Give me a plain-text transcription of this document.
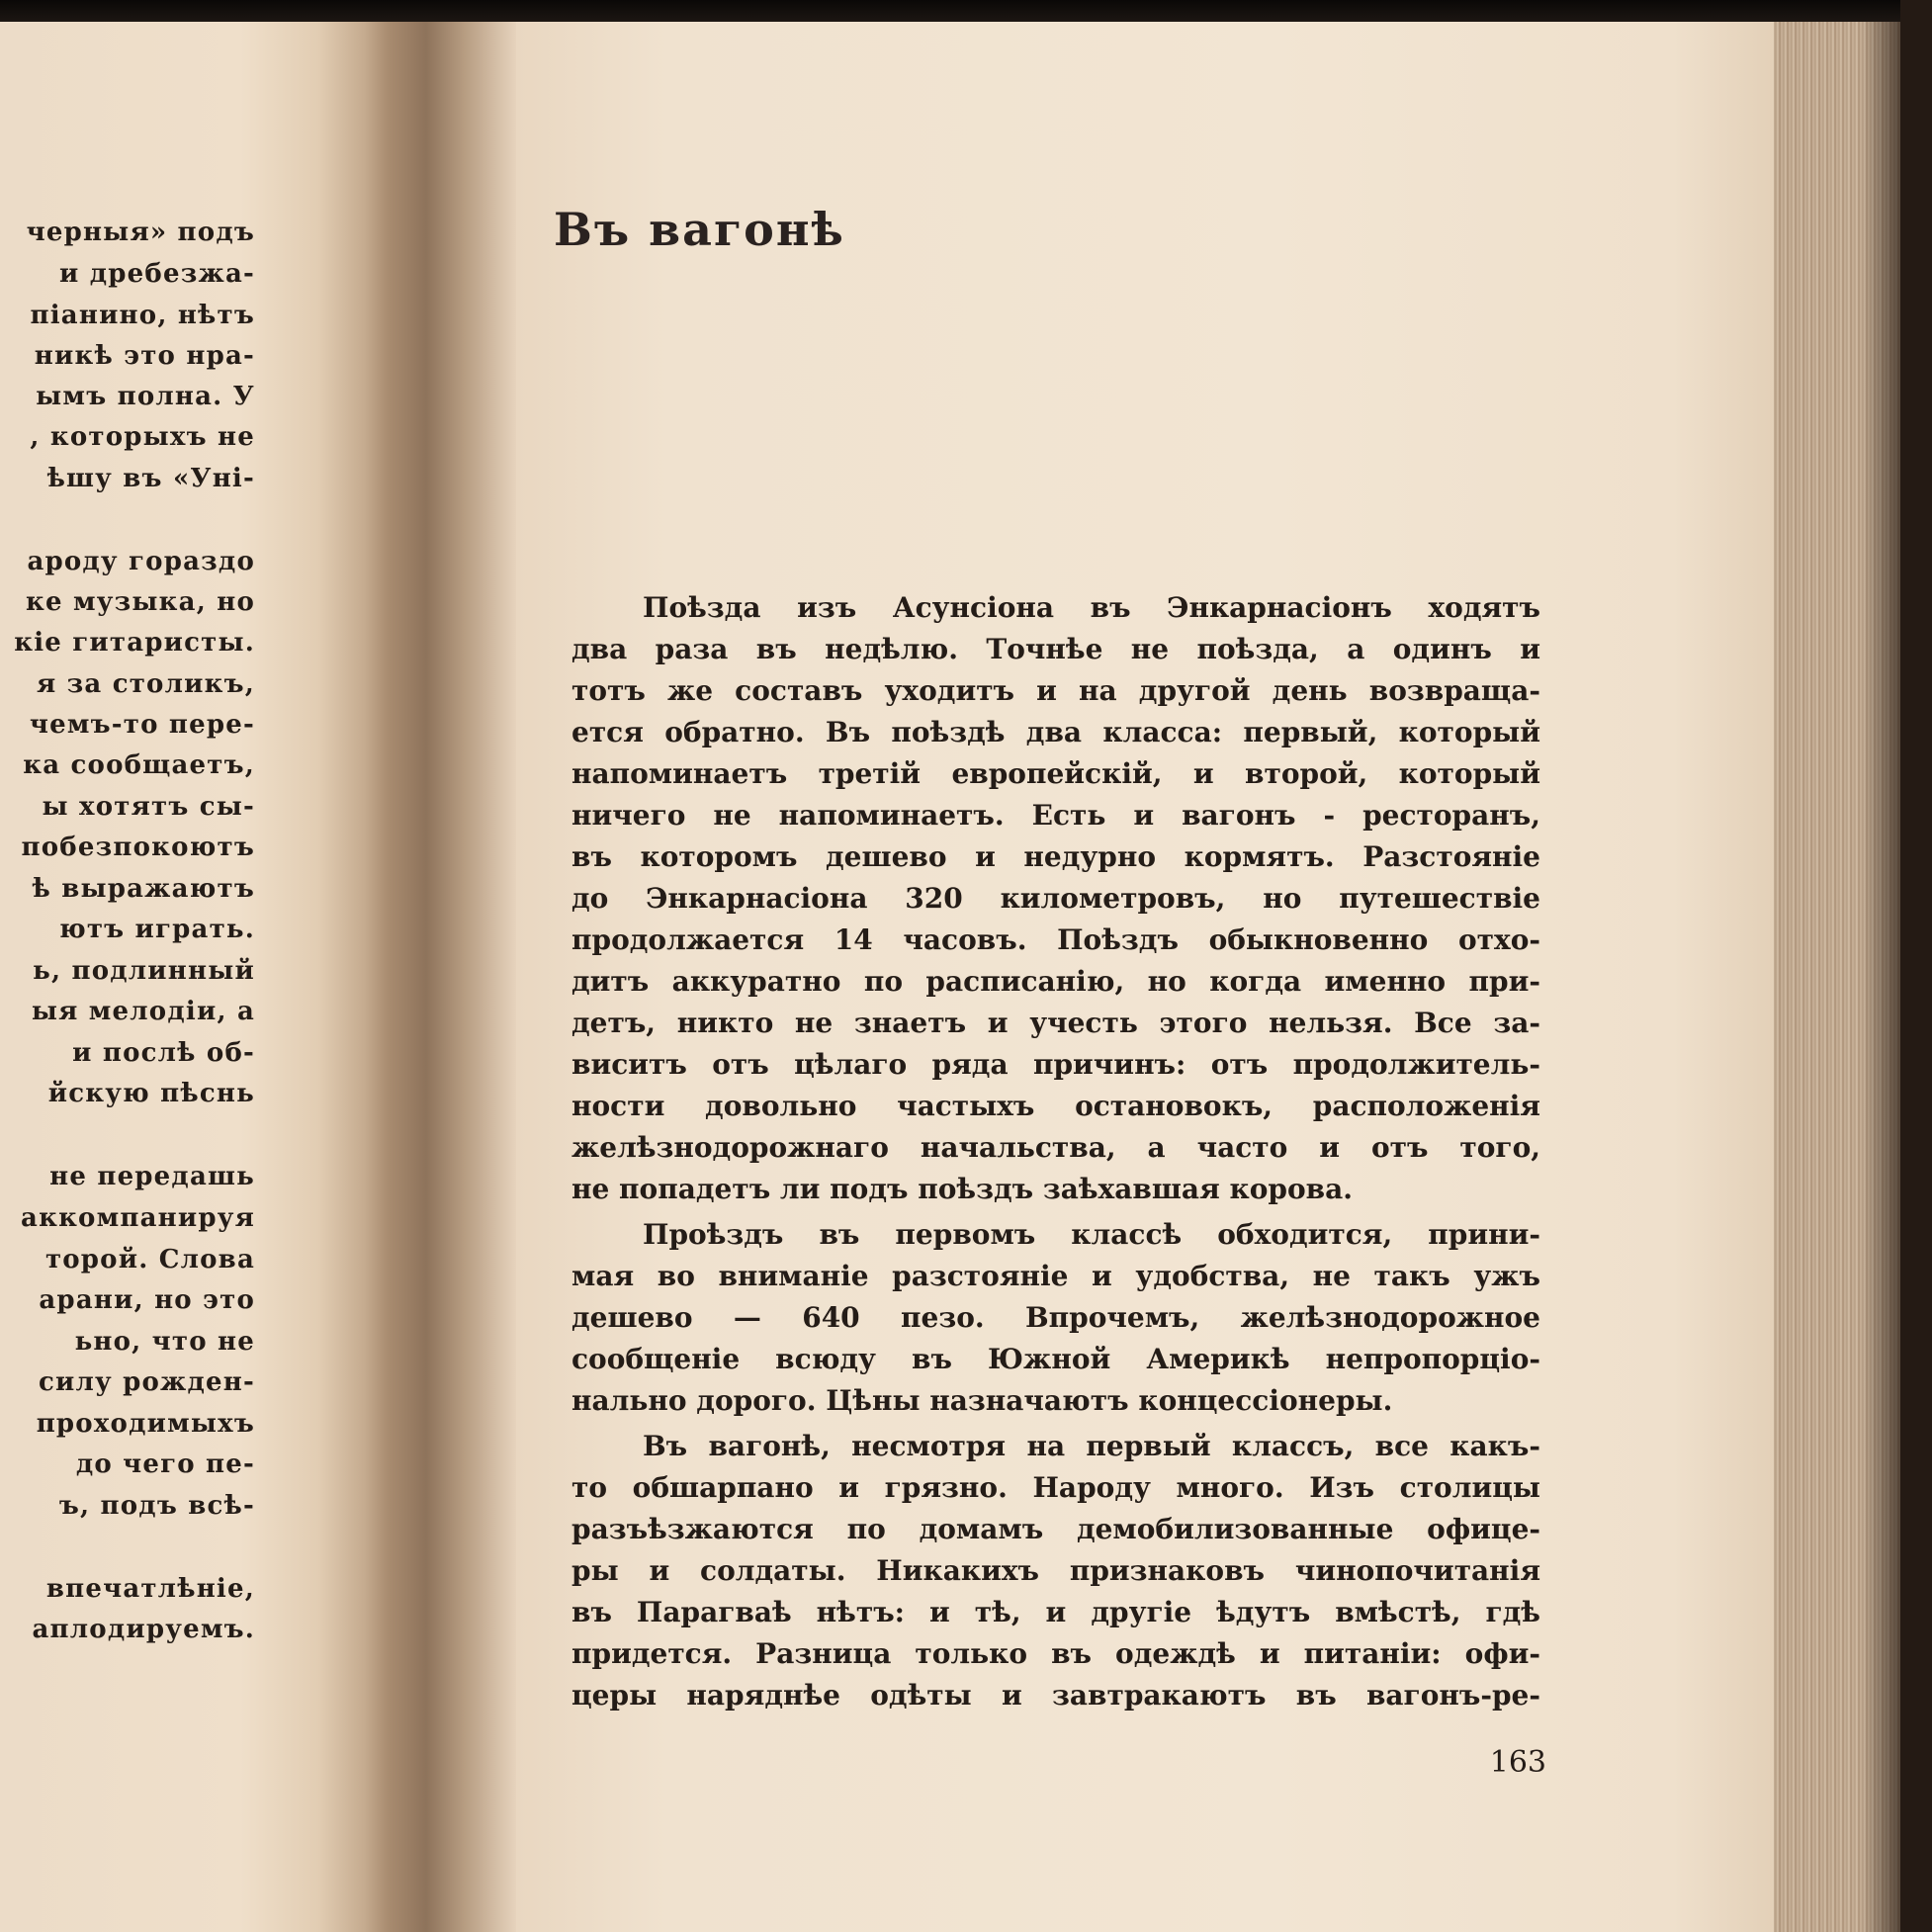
черныя» подъ
и дребезжа-
піанино, нѣтъ
никѣ это нра-
ымъ полна. У
, которыхъ не
ѣшу въ «Уні-
ароду гораздо
ке музыка, но
кіе гитаристы.
я за столикъ,
чемъ-то пере-
ка сообщаетъ,
ы хотятъ сы-
побезпокоютъ
ѣ выражаютъ
ютъ играть.
ь, подлинный
ыя мелодіи, а
и послѣ об-
йскую пѣснь
не передашь
аккомпанируя
торой. Слова
арани, но это
ьно, что не
силу рожден-
проходимыхъ
до чего пе-
ъ, подъ всѣ-
впечатлѣніе,
аплодируемъ.
Въ вагонѣ
Поѣзда изъ Асунсіона въ Энкарнасіонъ ходятъ
два раза въ недѣлю. Точнѣе не поѣзда, а одинъ и
тотъ же составъ уходитъ и на другой день возвраща-
ется обратно. Въ поѣздѣ два класса: первый, который
напоминаетъ третій европейскій, и второй, который
ничего не напоминаетъ. Есть и вагонъ - ресторанъ,
въ которомъ дешево и недурно кормятъ. Разстояніе
до Энкарнасіона 320 километровъ, но путешествіе
продолжается 14 часовъ. Поѣздъ обыкновенно отхо-
дитъ аккуратно по расписанію, но когда именно при-
детъ, никто не знаетъ и учесть этого нельзя. Все за-
виситъ отъ цѣлаго ряда причинъ: отъ продолжитель-
ности довольно частыхъ остановокъ, расположенія
желѣзнодорожнаго начальства, а часто и отъ того,
не попадетъ ли подъ поѣздъ заѣхавшая корова.
Проѣздъ въ первомъ классѣ обходится, прини-
мая во вниманіе разстояніе и удобства, не такъ ужъ
дешево — 640 пезо. Впрочемъ, желѣзнодорожное
сообщеніе всюду въ Южной Америкѣ непропорціо-
нально дорого. Цѣны назначаютъ концессіонеры.
Въ вагонѣ, несмотря на первый классъ, все какъ-
то обшарпано и грязно. Народу много. Изъ столицы
разъѣзжаются по домамъ демобилизованные офице-
ры и солдаты. Никакихъ признаковъ чинопочитанія
въ Парагваѣ нѣтъ: и тѣ, и другіе ѣдутъ вмѣстѣ, гдѣ
придется. Разница только въ одеждѣ и питаніи: офи-
церы наряднѣе одѣты и завтракаютъ въ вагонъ-ре-
163
